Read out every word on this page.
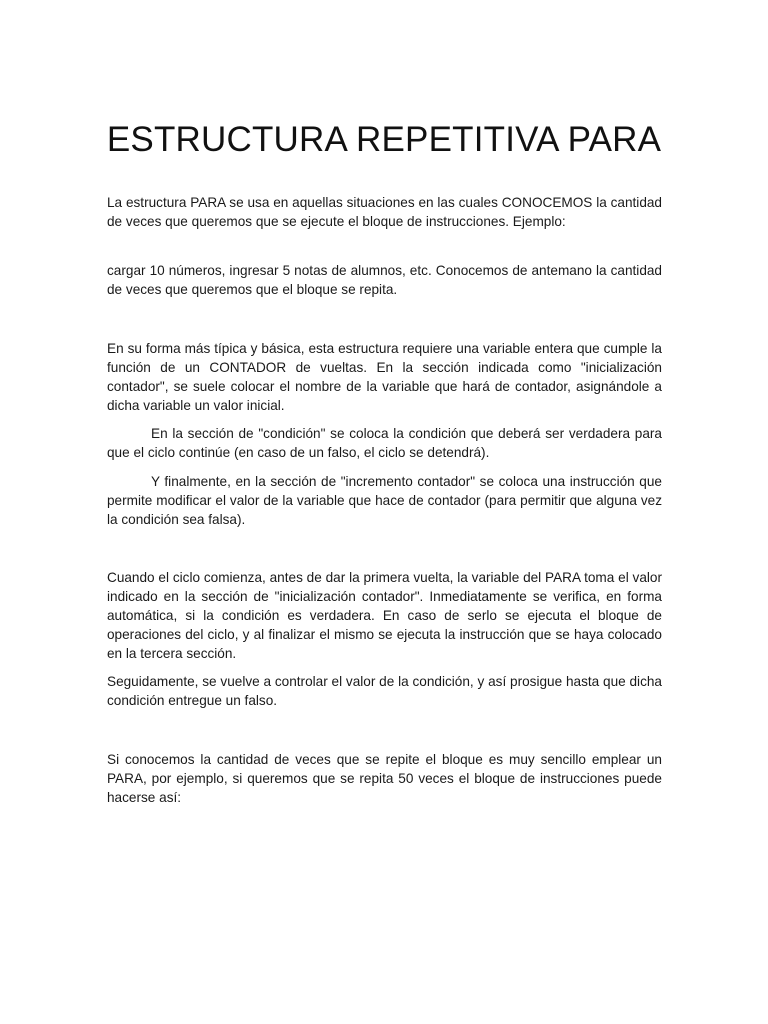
ESTRUCTURA REPETITIVA PARA

La estructura PARA se usa en aquellas situaciones en las cuales CONOCEMOS la cantidad de veces que queremos que se ejecute el bloque de instrucciones. Ejemplo:

cargar 10 números, ingresar 5 notas de alumnos, etc. Conocemos de antemano la cantidad de veces que queremos que el bloque se repita.

En su forma más típica y básica, esta estructura requiere una variable entera que cumple la función de un CONTADOR de vueltas. En la sección indicada como "inicialización contador", se suele colocar el nombre de la variable que hará de contador, asignándole a dicha variable un valor inicial.

En la sección de "condición" se coloca la condición que deberá ser verdadera para que el ciclo continúe (en caso de un falso, el ciclo se detendrá).

Y finalmente, en la sección de "incremento contador" se coloca una instrucción que permite modificar el valor de la variable que hace de contador (para permitir que alguna vez la condición sea falsa).

Cuando el ciclo comienza, antes de dar la primera vuelta, la variable del PARA toma el valor indicado en la sección de "inicialización contador". Inmediatamente se verifica, en forma automática, si la condición es verdadera. En caso de serlo se ejecuta el bloque de operaciones del ciclo, y al finalizar el mismo se ejecuta la instrucción que se haya colocado en la tercera sección.

Seguidamente, se vuelve a controlar el valor de la condición, y así prosigue hasta que dicha condición entregue un falso.

Si conocemos la cantidad de veces que se repite el bloque es muy sencillo emplear un PARA, por ejemplo, si queremos que se repita 50 veces el bloque de instrucciones puede hacerse así:
